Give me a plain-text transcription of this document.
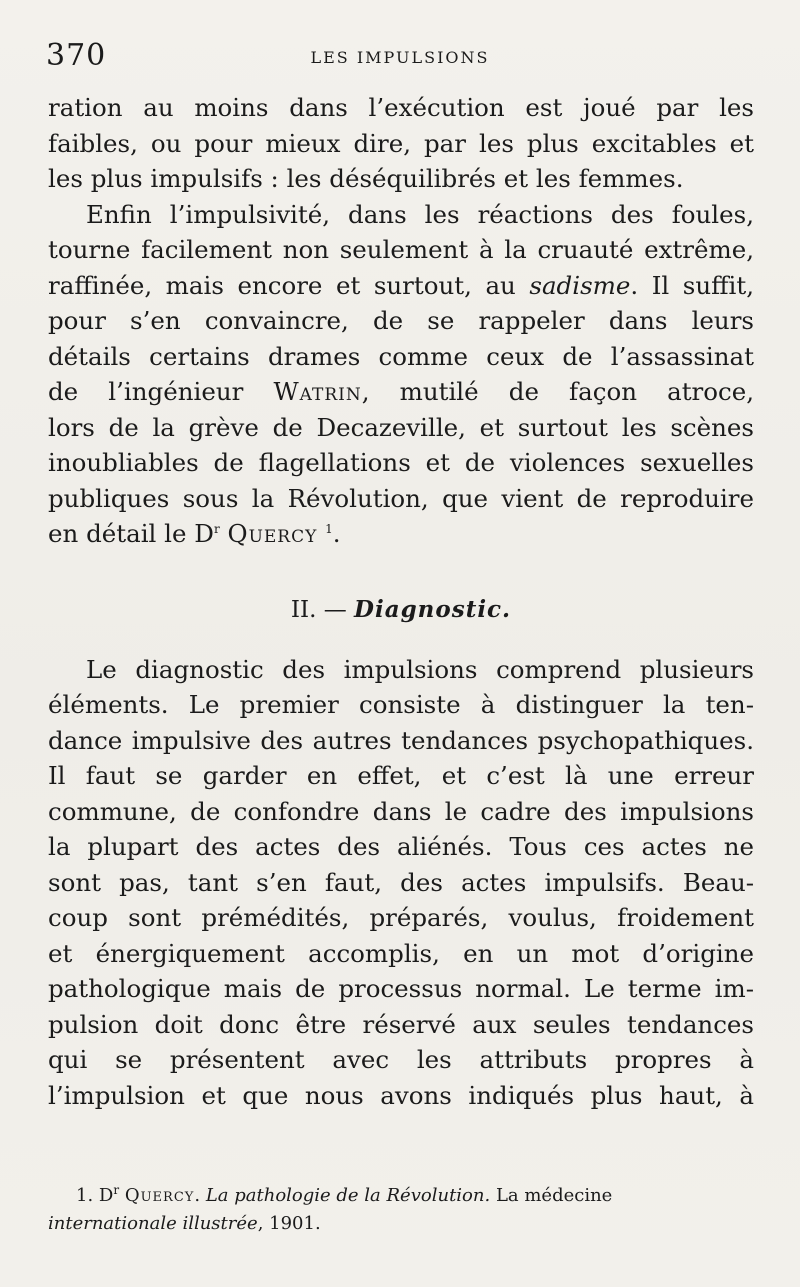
370	LES IMPULSIONS
ration au moins dans l’exécution est joué par les
faibles, ou pour mieux dire, par les plus excitables et
les plus impulsifs : les déséquilibrés et les femmes.
Enfin l’impulsivité, dans les réactions des foules,
tourne facilement non seulement à la cruauté extrême,
raffinée, mais encore et surtout, au sadisme. Il suffit,
pour s’en convaincre, de se rappeler dans leurs
détails certains drames comme ceux de l’assassinat
de l’ingénieur Watrin, mutilé de façon atroce,
lors de la grève de Decazeville, et surtout les scènes
inoubliables de flagellations et de violences sexuelles
publiques sous la Révolution, que vient de reproduire
en détail le $D^r$ Quercy $^1$.
II. — Diagnostic.
Le diagnostic des impulsions comprend plusieurs
éléments. Le premier consiste à distinguer la ten-
dance impulsive des autres tendances psychopathiques.
Il faut se garder en effet, et c’est là une erreur
commune, de confondre dans le cadre des impulsions
la plupart des actes des aliénés. Tous ces actes ne
sont pas, tant s’en faut, des actes impulsifs. Beau-
coup sont prémédités, préparés, voulus, froidement
et énergiquement accomplis, en un mot d’origine
pathologique mais de processus normal. Le terme im-
pulsion doit donc être réservé aux seules tendances
qui se présentent avec les attributs propres à
l’impulsion et que nous avons indiqués plus haut, à
1. $D^r$ Quercy. La pathologie de la Révolution. La médecine
internationale illustrée, 1901.
